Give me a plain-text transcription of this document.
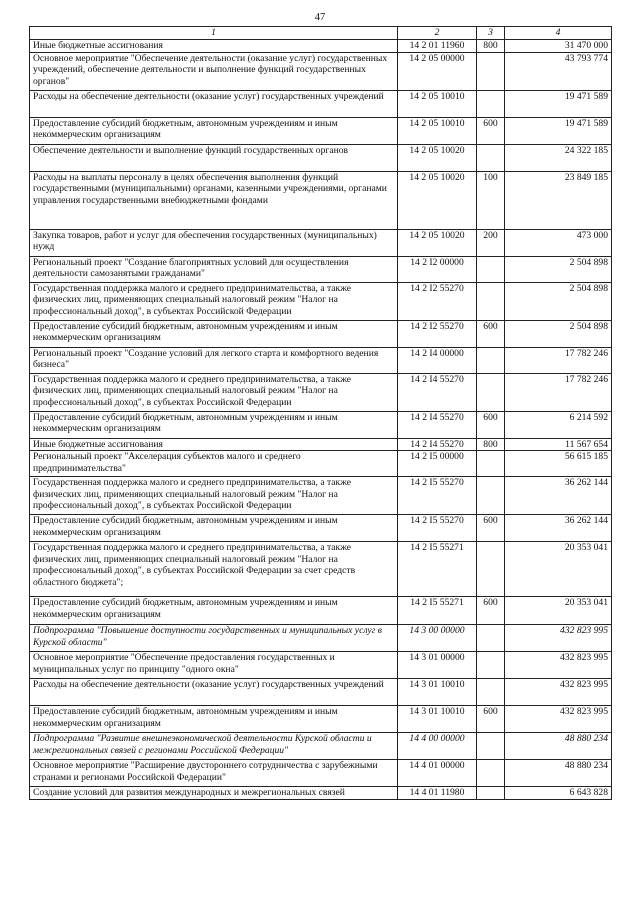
47
1	2	3	4
Иные бюджетные ассигнования	14 2 01 11960	800	31 470 000
Основное мероприятие "Обеспечение деятельности (оказание услуг) государственных учреждений, обеспечение деятельности и выполнение функций государственных органов"	14 2 05 00000		43 793 774
Расходы на обеспечение деятельности (оказание услуг) государственных учреждений	14 2 05 10010		19 471 589
Предоставление субсидий бюджетным, автономным учреждениям и иным некоммерческим организациям	14 2 05 10010	600	19 471 589
Обеспечение деятельности и выполнение функций государственных органов	14 2 05 10020		24 322 185
Расходы на выплаты персоналу в целях обеспечения выполнения функций государственными (муниципальными) органами, казенными учреждениями, органами управления государственными внебюджетными фондами	14 2 05 10020	100	23 849 185
Закупка товаров, работ и услуг для обеспечения государственных (муниципальных) нужд	14 2 05 10020	200	473 000
Региональный проект "Создание благоприятных условий для осуществления деятельности самозанятыми гражданами"	14 2 I2 00000		2 504 898
Государственная поддержка малого и среднего предпринимательства, а также физических лиц, применяющих специальный налоговый режим "Налог на профессиональный доход", в субъектах Российской Федерации	14 2 I2 55270		2 504 898
Предоставление субсидий бюджетным, автономным учреждениям и иным некоммерческим организациям	14 2 I2 55270	600	2 504 898
Региональный проект "Создание условий для легкого старта и комфортного ведения бизнеса"	14 2 I4 00000		17 782 246
Государственная поддержка малого и среднего предпринимательства, а также физических лиц, применяющих специальный налоговый режим "Налог на профессиональный доход", в субъектах Российской Федерации	14 2 I4 55270		17 782 246
Предоставление субсидий бюджетным, автономным учреждениям и иным некоммерческим организациям	14 2 I4 55270	600	6 214 592
Иные бюджетные ассигнования	14 2 I4 55270	800	11 567 654
Региональный проект "Акселерация субъектов малого и среднего предпринимательства"	14 2 I5 00000		56 615 185
Государственная поддержка малого и среднего предпринимательства, а также физических лиц, применяющих специальный налоговый режим "Налог на профессиональный доход", в субъектах Российской Федерации	14 2 I5 55270		36 262 144
Предоставление субсидий бюджетным, автономным учреждениям и иным некоммерческим организациям	14 2 I5 55270	600	36 262 144
Государственная поддержка малого и среднего предпринимательства, а также физических лиц, применяющих специальный налоговый режим "Налог на профессиональный доход", в субъектах Российской Федерации за счет средств областного бюджета";	14 2 I5 55271		20 353 041
Предоставление субсидий бюджетным, автономным учреждениям и иным некоммерческим организациям	14 2 I5 55271	600	20 353 041
Подпрограмма "Повышение доступности государственных и муниципальных услуг в Курской области"	14 3 00 00000		432 823 995
Основное мероприятие "Обеспечение предоставления государственных и муниципальных услуг по принципу "одного окна"	14 3 01 00000		432 823 995
Расходы на обеспечение деятельности (оказание услуг) государственных учреждений	14 3 01 10010		432 823 995
Предоставление субсидий бюджетным, автономным учреждениям и иным некоммерческим организациям	14 3 01 10010	600	432 823 995
Подпрограмма "Развитие внешнеэкономической деятельности Курской области и межрегиональных связей с регионами Российской Федерации"	14 4 00 00000		48 880 234
Основное мероприятие "Расширение двустороннего сотрудничества с зарубежными странами и регионами Российской Федерации"	14 4 01 00000		48 880 234
Создание условий для развития международных и межрегиональных связей	14 4 01 11980		6 643 828
